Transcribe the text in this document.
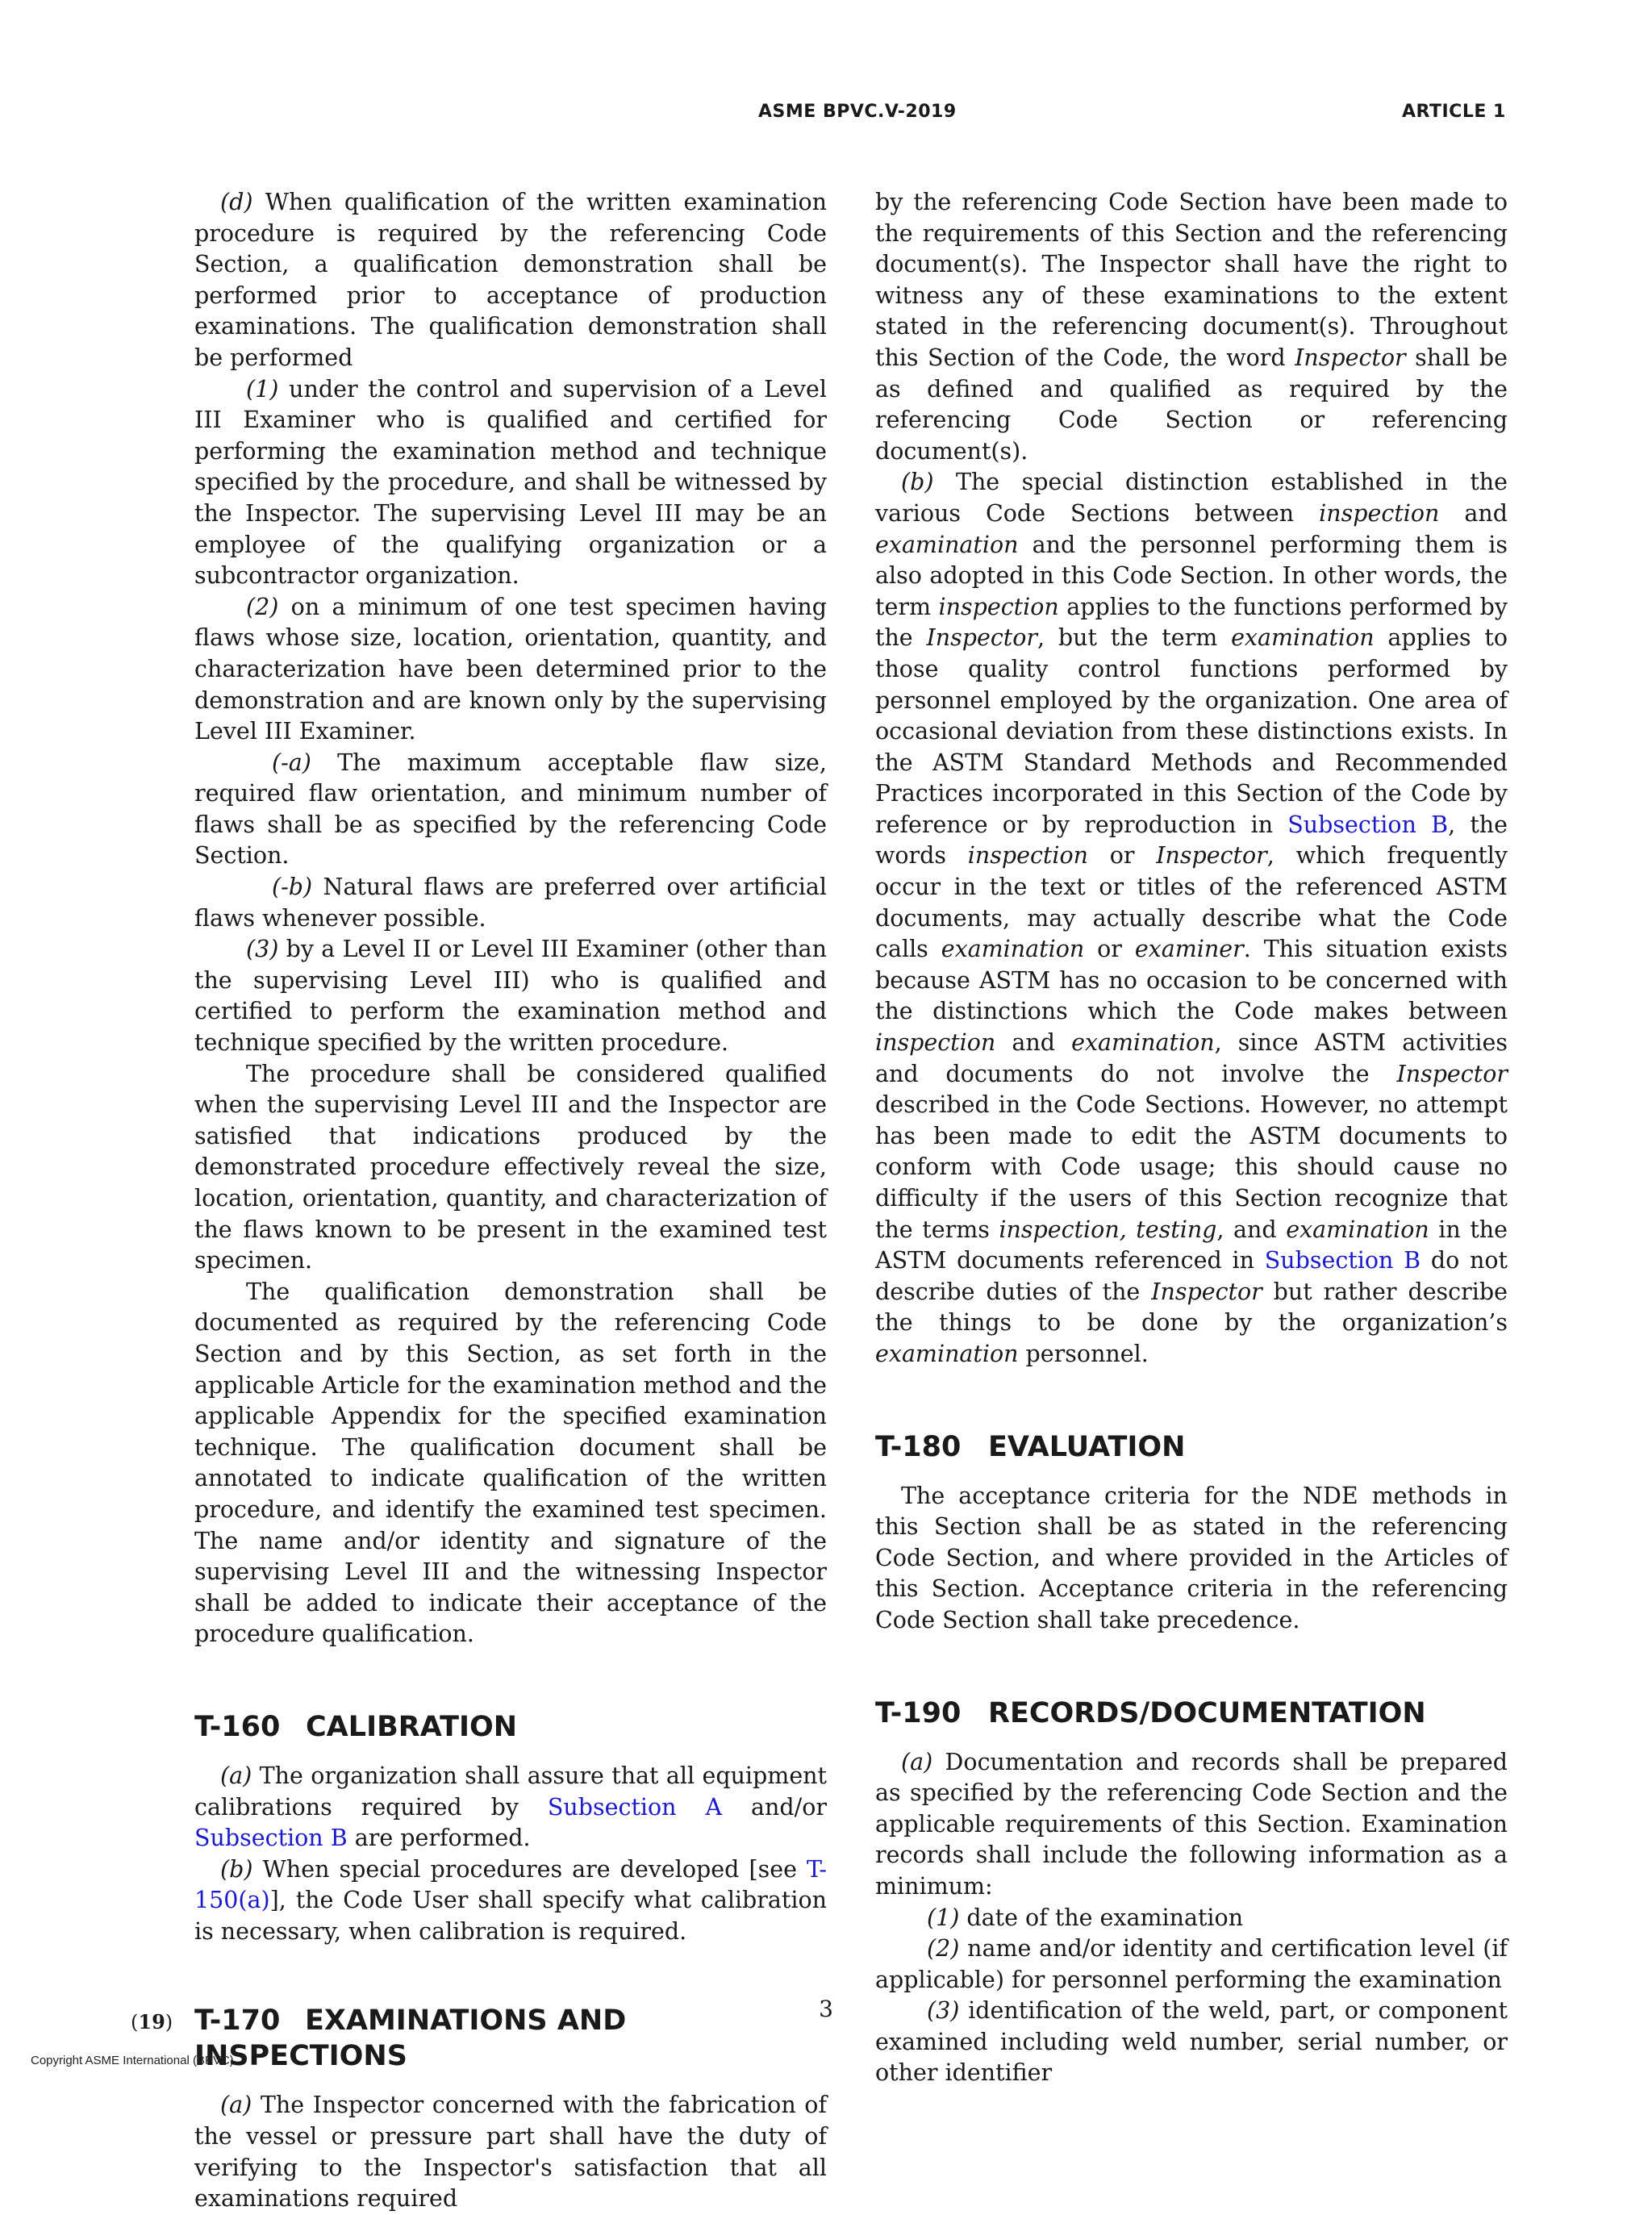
ASME BPVC.V-2019	ARTICLE 1

(d) When qualification of the written examination procedure is required by the referencing Code Section, a qualification demonstration shall be performed prior to acceptance of production examinations. The qualification demonstration shall be performed

(1) under the control and supervision of a Level III Examiner who is qualified and certified for performing the examination method and technique specified by the procedure, and shall be witnessed by the Inspector. The supervising Level III may be an employee of the qualifying organization or a subcontractor organization.

(2) on a minimum of one test specimen having flaws whose size, location, orientation, quantity, and characterization have been determined prior to the demonstration and are known only by the supervising Level III Examiner.

(-a) The maximum acceptable flaw size, required flaw orientation, and minimum number of flaws shall be as specified by the referencing Code Section.

(-b) Natural flaws are preferred over artificial flaws whenever possible.

(3) by a Level II or Level III Examiner (other than the supervising Level III) who is qualified and certified to perform the examination method and technique specified by the written procedure.

The procedure shall be considered qualified when the supervising Level III and the Inspector are satisfied that indications produced by the demonstrated procedure effectively reveal the size, location, orientation, quantity, and characterization of the flaws known to be present in the examined test specimen.

The qualification demonstration shall be documented as required by the referencing Code Section and by this Section, as set forth in the applicable Article for the examination method and the applicable Appendix for the specified examination technique. The qualification document shall be annotated to indicate qualification of the written procedure, and identify the examined test specimen. The name and/or identity and signature of the supervising Level III and the witnessing Inspector shall be added to indicate their acceptance of the procedure qualification.

T-160 CALIBRATION

(a) The organization shall assure that all equipment calibrations required by Subsection A and/or Subsection B are performed.

(b) When special procedures are developed [see T-150(a)], the Code User shall specify what calibration is necessary, when calibration is required.

(19) T-170 EXAMINATIONS AND INSPECTIONS

(a) The Inspector concerned with the fabrication of the vessel or pressure part shall have the duty of verifying to the Inspector's satisfaction that all examinations required

by the referencing Code Section have been made to the requirements of this Section and the referencing document(s). The Inspector shall have the right to witness any of these examinations to the extent stated in the referencing document(s). Throughout this Section of the Code, the word Inspector shall be as defined and qualified as required by the referencing Code Section or referencing document(s).

(b) The special distinction established in the various Code Sections between inspection and examination and the personnel performing them is also adopted in this Code Section. In other words, the term inspection applies to the functions performed by the Inspector, but the term examination applies to those quality control functions performed by personnel employed by the organization. One area of occasional deviation from these distinctions exists. In the ASTM Standard Methods and Recommended Practices incorporated in this Section of the Code by reference or by reproduction in Subsection B, the words inspection or Inspector, which frequently occur in the text or titles of the referenced ASTM documents, may actually describe what the Code calls examination or examiner. This situation exists because ASTM has no occasion to be concerned with the distinctions which the Code makes between inspection and examination, since ASTM activities and documents do not involve the Inspector described in the Code Sections. However, no attempt has been made to edit the ASTM documents to conform with Code usage; this should cause no difficulty if the users of this Section recognize that the terms inspection, testing, and examination in the ASTM documents referenced in Subsection B do not describe duties of the Inspector but rather describe the things to be done by the organization’s examination personnel.

T-180 EVALUATION

The acceptance criteria for the NDE methods in this Section shall be as stated in the referencing Code Section, and where provided in the Articles of this Section. Acceptance criteria in the referencing Code Section shall take precedence.

T-190 RECORDS/DOCUMENTATION

(a) Documentation and records shall be prepared as specified by the referencing Code Section and the applicable requirements of this Section. Examination records shall include the following information as a minimum:

(1) date of the examination

(2) name and/or identity and certification level (if applicable) for personnel performing the examination

(3) identification of the weld, part, or component examined including weld number, serial number, or other identifier

3
Copyright ASME International (BPVC)
